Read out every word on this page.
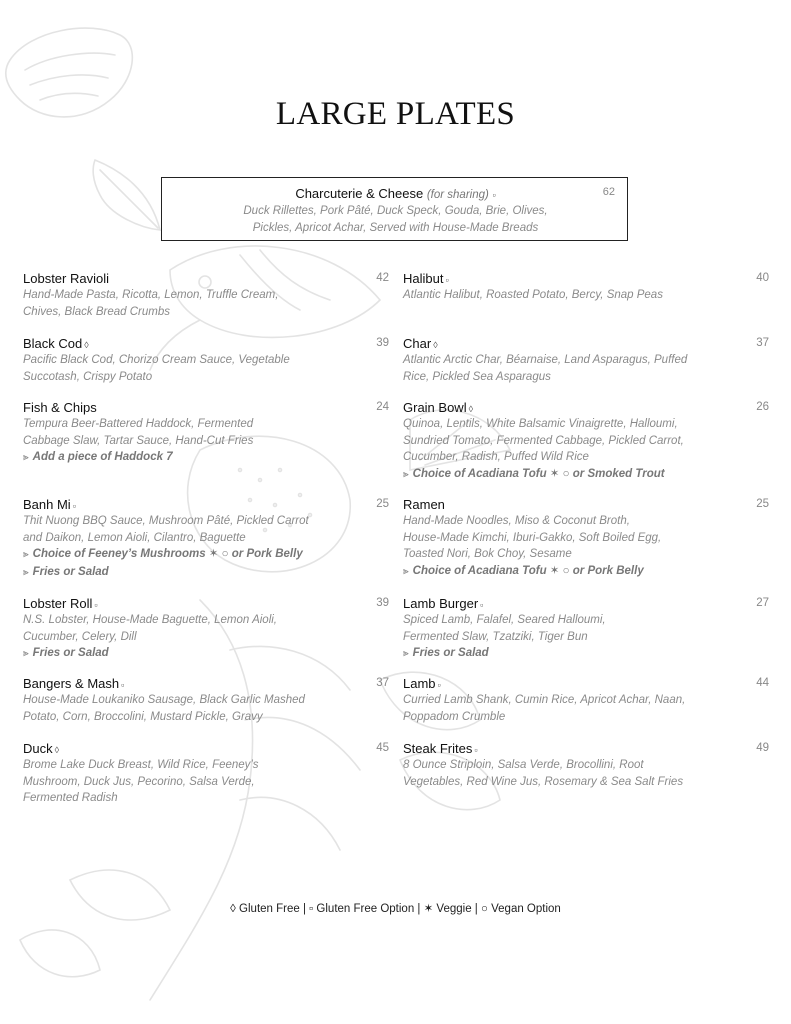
LARGE PLATES
Charcuterie & Cheese (for sharing) ▫	62
Duck Rillettes, Pork Pâté, Duck Speck, Gouda, Brie, Olives,
Pickles, Apricot Achar, Served with House-Made Breads
Lobster Ravioli	42
Hand-Made Pasta, Ricotta, Lemon, Truffle Cream,
Chives, Black Bread Crumbs
Black Cod ◊	39
Pacific Black Cod, Chorizo Cream Sauce, Vegetable
Succotash, Crispy Potato
Fish & Chips	24
Tempura Beer-Battered Haddock, Fermented
Cabbage Slaw, Tartar Sauce, Hand-Cut Fries
⫸ Add a piece of Haddock 7
Banh Mi ▫	25
Thit Nuong BBQ Sauce, Mushroom Pâté, Pickled Carrot
and Daikon, Lemon Aioli, Cilantro, Baguette
⫸ Choice of Feeney’s Mushrooms ✶ ○ or Pork Belly
⫸ Fries or Salad
Lobster Roll ▫	39
N.S. Lobster, House-Made Baguette, Lemon Aioli,
Cucumber, Celery, Dill
⫸ Fries or Salad
Bangers & Mash ▫	37
House-Made Loukaniko Sausage, Black Garlic Mashed
Potato, Corn, Broccolini, Mustard Pickle, Gravy
Duck ◊	45
Brome Lake Duck Breast, Wild Rice, Feeney’s
Mushroom, Duck Jus, Pecorino, Salsa Verde,
Fermented Radish
Halibut ▫	40
Atlantic Halibut, Roasted Potato, Bercy, Snap Peas
Char ◊	37
Atlantic Arctic Char, Béarnaise, Land Asparagus, Puffed
Rice, Pickled Sea Asparagus
Grain Bowl ◊	26
Quinoa, Lentils, White Balsamic Vinaigrette, Halloumi,
Sundried Tomato, Fermented Cabbage, Pickled Carrot,
Cucumber, Radish, Puffed Wild Rice
⫸ Choice of Acadiana Tofu ✶ ○ or Smoked Trout
Ramen	25
Hand-Made Noodles, Miso & Coconut Broth,
House-Made Kimchi, Iburi-Gakko, Soft Boiled Egg,
Toasted Nori, Bok Choy, Sesame
⫸ Choice of Acadiana Tofu ✶ ○ or Pork Belly
Lamb Burger ▫	27
Spiced Lamb, Falafel, Seared Halloumi,
Fermented Slaw, Tzatziki, Tiger Bun
⫸ Fries or Salad
Lamb ▫	44
Curried Lamb Shank, Cumin Rice, Apricot Achar, Naan,
Poppadom Crumble
Steak Frites ▫	49
8 Ounce Striploin, Salsa Verde, Brocollini, Root
Vegetables, Red Wine Jus, Rosemary & Sea Salt Fries
◊ Gluten Free | ▫ Gluten Free Option | ✶ Veggie | ○ Vegan Option
